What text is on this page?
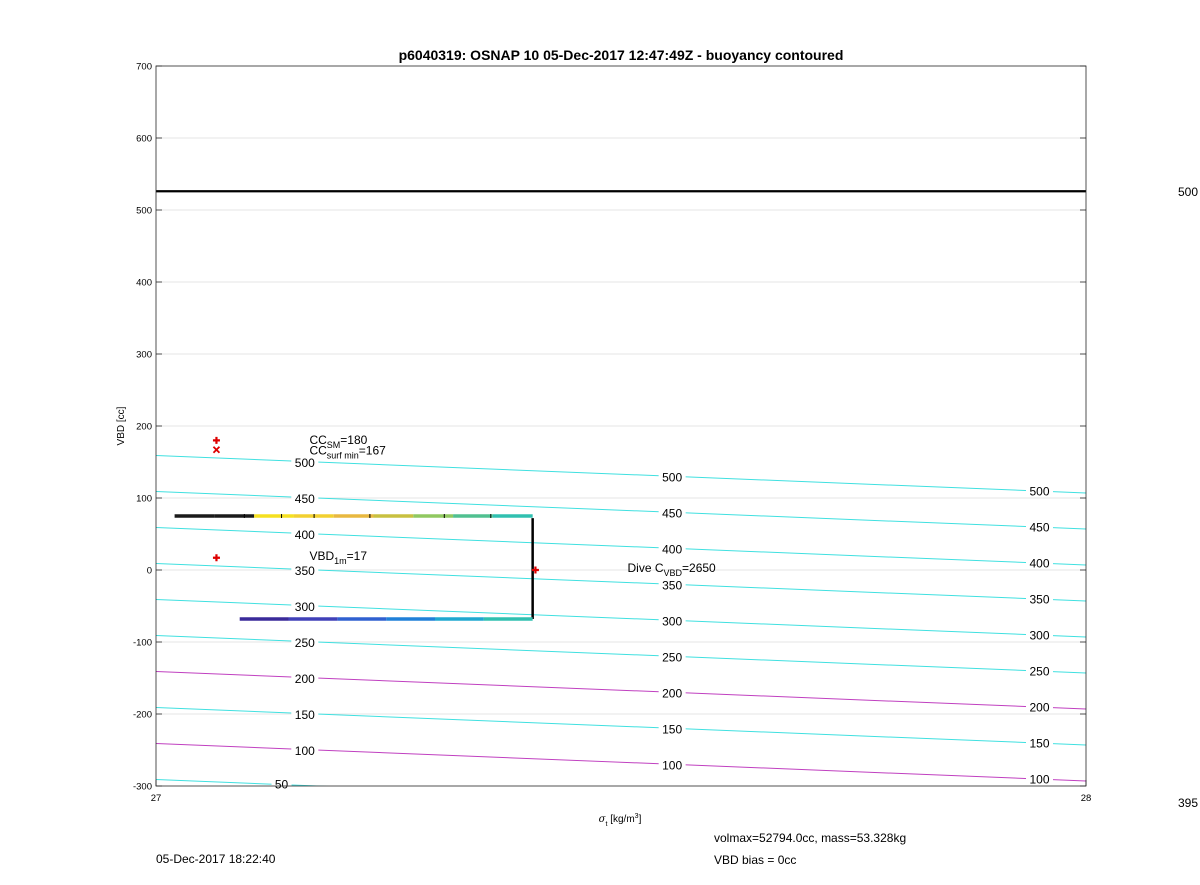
500
450
400
350
300
250
200
150
100
50
500
450
400
350
300
250
200
150
100
500
450
400
350
300
250
200
150
100
$CC_{SM}=180$
$CC_{surf min}=167$
$VBD_{1m}=17$
Dive $C_{VBD}=2650$
700
600
500
400
300
200
100
0
-100
-200
-300
27	28
p6040319: OSNAP 10 05-Dec-2017 12:47:49Z - buoyancy contoured
VBD [cc]
$\sigma_t$ $[kg/m^3]$
500
395
05-Dec-2017 18:22:40
volmax=52794.0cc, mass=53.328kg
VBD bias = 0cc
